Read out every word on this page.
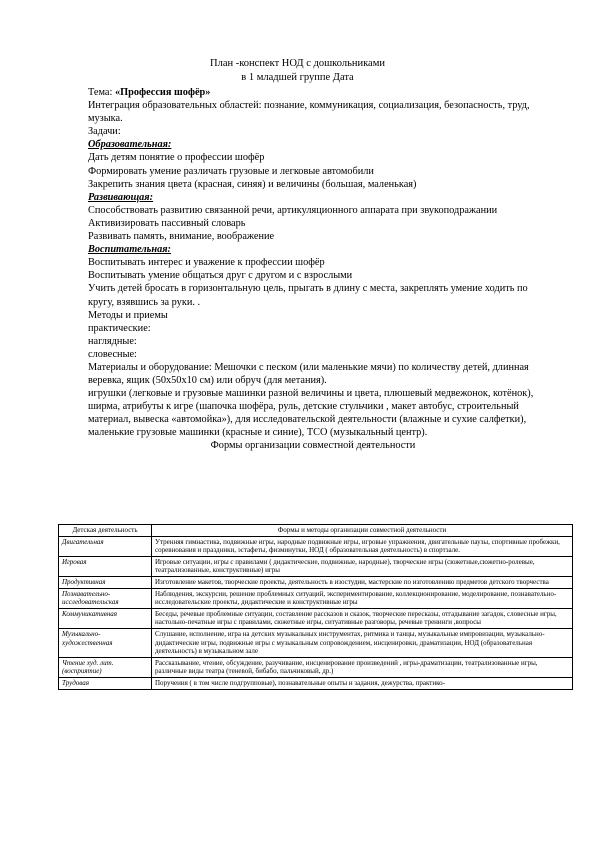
План -конспект НОД с дошкольниками
в 1 младшей группе Дата

Тема: «Профессия шофёр»

Интеграция образовательных областей: познание, коммуникация, социализация, безопасность, труд, музыка.

Задачи:

Образовательная:

Дать детям понятие о профессии шофёр

Формировать умение различать грузовые и легковые автомобили

Закрепить знания цвета (красная, синяя) и величины (большая, маленькая)

Развивающая:

Способствовать развитию связанной речи, артикуляционного аппарата при звукоподражании

Активизировать пассивный словарь

Развивать память, внимание, воображение

Воспитательная:

Воспитывать интерес и уважение к профессии шофёр

Воспитывать умение общаться друг с другом и с взрослыми

Учить детей бросать в горизонтальную цель, прыгать в длину с места, закреплять умение ходить по кругу, взявшись за руки. .

Методы и приемы

практические:

наглядные:

словесные:

Материалы и оборудование: Мешочки с песком (или маленькие мячи) по количеству детей, длинная веревка, ящик (50х50х10 см) или обруч (для метания).

игрушки (легковые и грузовые машинки разной величины и цвета, плюшевый медвежонок, котёнок), ширма, атрибуты к игре (шапочка шофёра, руль, детские стульчики , макет автобус, строительный материал, вывеска «автомойка»), для исследовательской деятельности (влажные и сухие салфетки), маленькие грузовые машинки (красные и синие), ТСО (музыкальный центр).

Формы организации совместной деятельности

Детская деятельность	Формы и методы организации совместной деятельности
Двигательная	Утренняя гимнастика, подвижные игры, народные подвижные игры, игровые упражнения, двигательные паузы, спортивные пробежки, соревнования и праздники, эстафеты, физминутки, НОД ( образовательная деятельность) в спортзале.
Игровая	Игровые ситуации, игры с правилами ( дидактические, подвижные, народные), творческие игры (сюжетные,сюжетно-ролевые, театрализованные, конструктивные) игры
Продуктивная	Изготовление макетов, творческие проекты, деятельность в изостудии, мастерские по изготовлению предметов детского творчества
Познавательно-исследовательская	Наблюдения, экскурсии, решение проблемных ситуаций, экспериментирование, коллекционирование, моделирование, познавательно-исследовательские проекты, дидактические и конструктивные игры
Коммуникативная	Беседы, речевые проблемные ситуации, составление рассказов и сказок, творческие пересказы, отгадывание загадок, словесные игры, настольно-печатные игры с правилами, сюжетные игры, ситуативные разговоры, речевые тренинги ,вопросы
Музыкально-художественная	Слушание, исполнение, игра на детских музыкальных инструментах, ритмика и танцы, музыкальные импровизации, музыкально-дидактические игры, подвижные игры с музыкальным сопровождением, инсценировки, драматизации, НОД (образовательная деятельность) в музыкальном зале
Чтение худ. лит. (восприятие)	Рассказывание, чтение, обсуждение, разучивание, инсценирование произведений , игры-драматизации, театрализованные игры, различные виды театра (теневой, бибабо, пальчиковый, др.)
Трудовая	Поручения ( в том числе подгрупповые), познавательные опыты и задания, дежурства, практико-
